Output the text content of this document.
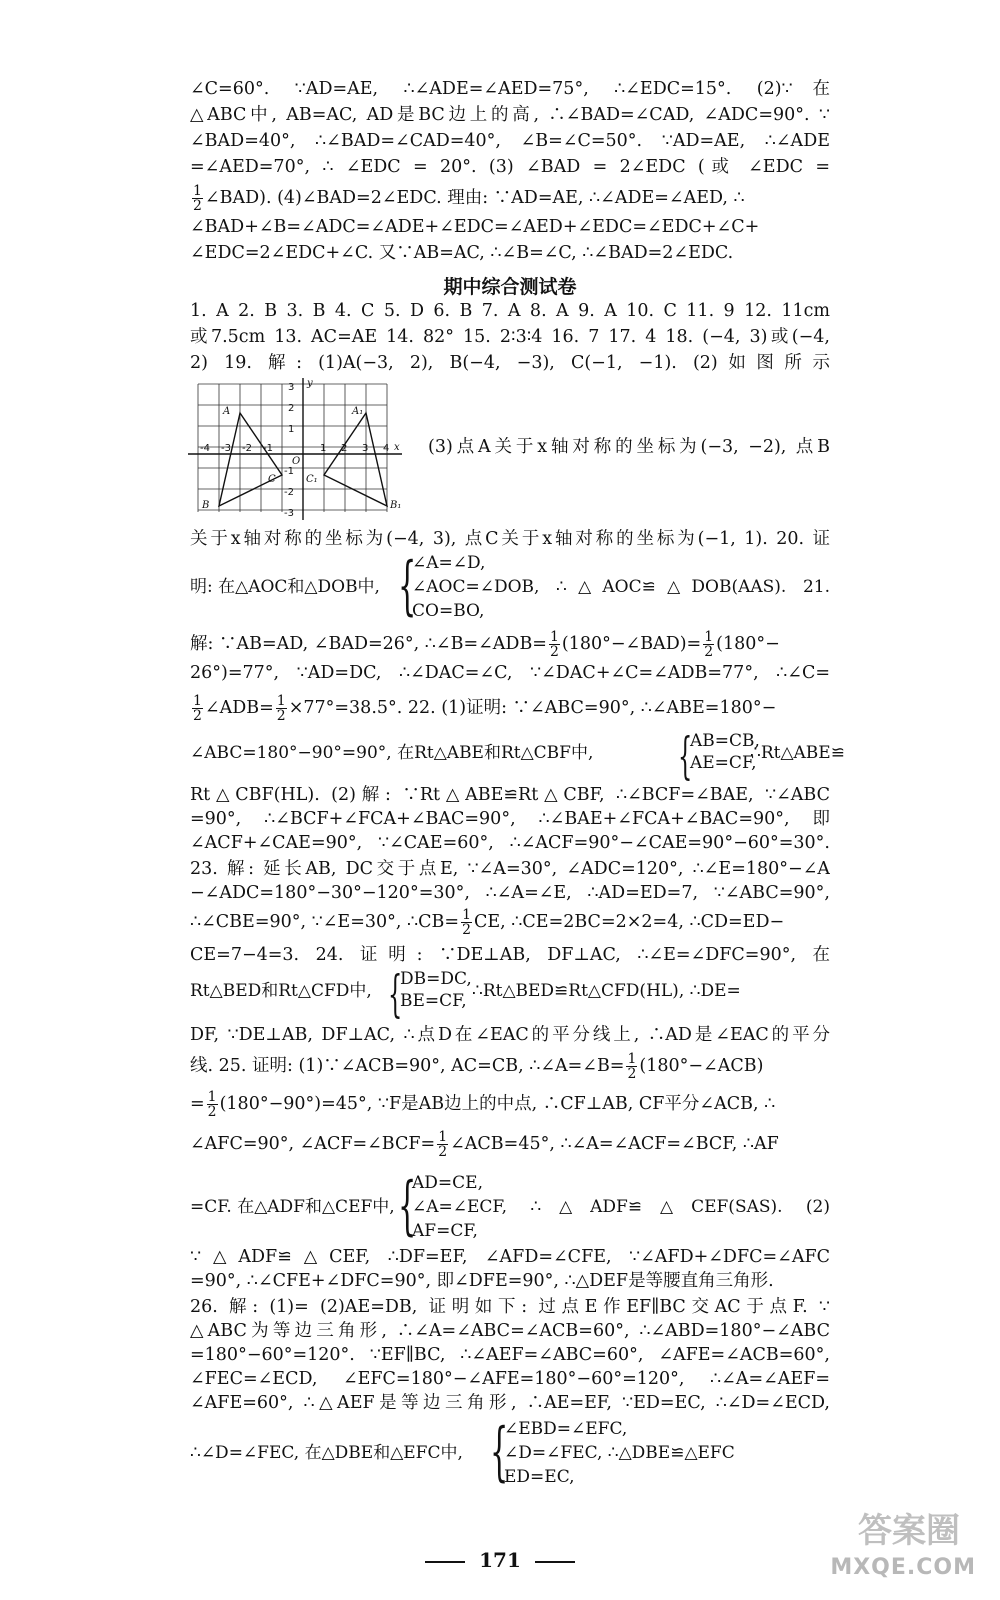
∠C=60°. ∵AD=AE, ∴∠ADE=∠AED=75°, ∴∠EDC=15°. (2)∵在
△ABC中, AB=AC, AD是BC边上的高, ∴∠BAD=∠CAD, ∠ADC=90°. ∵
∠BAD=40°, ∴∠BAD=∠CAD=40°, ∠B=∠C=50°. ∵AD=AE, ∴∠ADE
=∠AED=70°, ∴ ∠EDC = 20°. (3) ∠BAD = 2∠EDC (或 ∠EDC =
$\frac{1}{2}$ ∠BAD). (4)∠BAD=2∠EDC. 理由: ∵AD=AE, ∴∠ADE=∠AED, ∴
∠BAD+∠B=∠ADC=∠ADE+∠EDC=∠AED+∠EDC=∠EDC+∠C+
∠EDC=2∠EDC+∠C. 又∵AB=AC, ∴∠B=∠C, ∴∠BAD=2∠EDC.
期中综合测试卷
1. A 2. B 3. B 4. C 5. D 6. B 7. A 8. A 9. A 10. C 11. 9 12. 11cm
或7.5cm 13. AC=AE 14. 82° 15. 2∶3∶4 16. 7 17. 4 18. (−4, 3)或(−4,
2) 19. 解: (1)A(−3, 2), B(−4, −3), C(−1, −1). (2)如图所示
x
y
A	A₁
B	B₁
C	C₁
O
-4 -3 -2 -1	1 2 3 4
3
2
1
-1
-2
-3
(3)点A关于x轴对称的坐标为(−3, −2), 点B
关于x轴对称的坐标为(−4, 3), 点C关于x轴对称的坐标为(−1, 1). 20. 证
明: 在△AOC和△DOB中, {
∠A=∠D,
∠AOC=∠DOB, ∴△AOC≌△DOB(AAS). 21.
CO=BO,
解: ∵AB=AD, ∠BAD=26°, ∴∠B=∠ADB= $\frac{1}{2}$ (180°−∠BAD)= $\frac{1}{2} (180^\circ-$
26°)=77°, ∵AD=DC, ∴∠DAC=∠C, ∵∠DAC+∠C=∠ADB=77°, ∴∠C=
$\frac{1}{2}$ ∠ADB= $\frac{1}{2} \times 77^\circ=38.5^\circ$. 22. (1)证明: ∵∠ABC=90°, ∴∠ABE=180°−
∠ABC=180°−90°=90°, 在Rt△ABE和Rt△CBF中, {
AB=CB,
AE=CF,
∴Rt△ABE≌
Rt△CBF(HL). (2)解: ∵Rt△ABE≌Rt△CBF, ∴∠BCF=∠BAE, ∵∠ABC
=90°, ∴∠BCF+∠FCA+∠BAC=90°, ∴∠BAE+∠FCA+∠BAC=90°, 即
∠ACF+∠CAE=90°, ∵∠CAE=60°, ∴∠ACF=90°−∠CAE=90°−60°=30°.
23. 解: 延长AB, DC交于点E, ∵∠A=30°, ∠ADC=120°, ∴∠E=180°−∠A
−∠ADC=180°−30°−120°=30°, ∴∠A=∠E, ∴AD=ED=7, ∵∠ABC=90°,
∴∠CBE=90°, ∵∠E=30°, ∴CB= $\frac{1}{2}$ CE, ∴CE=2BC=2×2=4, ∴CD=ED−
CE=7−4=3. 24. 证明: ∵DE⊥AB, DF⊥AC, ∴∠E=∠DFC=90°, 在
Rt△BED和Rt△CFD中, {
DB=DC,
BE=CF, ∴Rt△BED≌Rt△CFD(HL), ∴DE=
DF, ∵DE⊥AB, DF⊥AC, ∴点D在∠EAC的平分线上, ∴AD是∠EAC的平分
线. 25. 证明: (1)∵∠ACB=90°, AC=CB, ∴∠A=∠B= $\frac{1}{2}$ (180°−∠ACB)
= $\frac{1}{2} (180^\circ-90^\circ)=45^\circ$, ∵F是AB边上的中点, ∴CF⊥AB, CF平分∠ACB, ∴
∠AFC=90°, ∠ACF=∠BCF= $\frac{1}{2}$ ∠ACB=45°, ∴∠A=∠ACF=∠BCF, ∴AF
=CF. 在△ADF和△CEF中, {
AD=CE,
∠A=∠ECF, ∴△ADF≌△CEF(SAS). (2)
AF=CF,
∵△ADF≌△CEF, ∴DF=EF, ∠AFD=∠CFE, ∵∠AFD+∠DFC=∠AFC
=90°, ∴∠CFE+∠DFC=90°, 即∠DFE=90°, ∴△DEF是等腰直角三角形.
26. 解: (1)= (2)AE=DB, 证明如下: 过点E作EF∥BC交AC于点F. ∵
△ABC为等边三角形, ∴∠A=∠ABC=∠ACB=60°, ∴∠ABD=180°−∠ABC
=180°−60°=120°. ∵EF∥BC, ∴∠AEF=∠ABC=60°, ∠AFE=∠ACB=60°,
∠FEC=∠ECD, ∠EFC=180°−∠AFE=180°−60°=120°, ∴∠A=∠AEF=
∠AFE=60°, ∴△AEF是等边三角形, ∴AE=EF, ∵ED=EC, ∴∠D=∠ECD,
∴∠D=∠FEC, 在△DBE和△EFC中, {
∠EBD=∠EFC,
∠D=∠FEC, ∴△DBE≌△EFC
ED=EC,
171
答案圈
MXQE.COM
